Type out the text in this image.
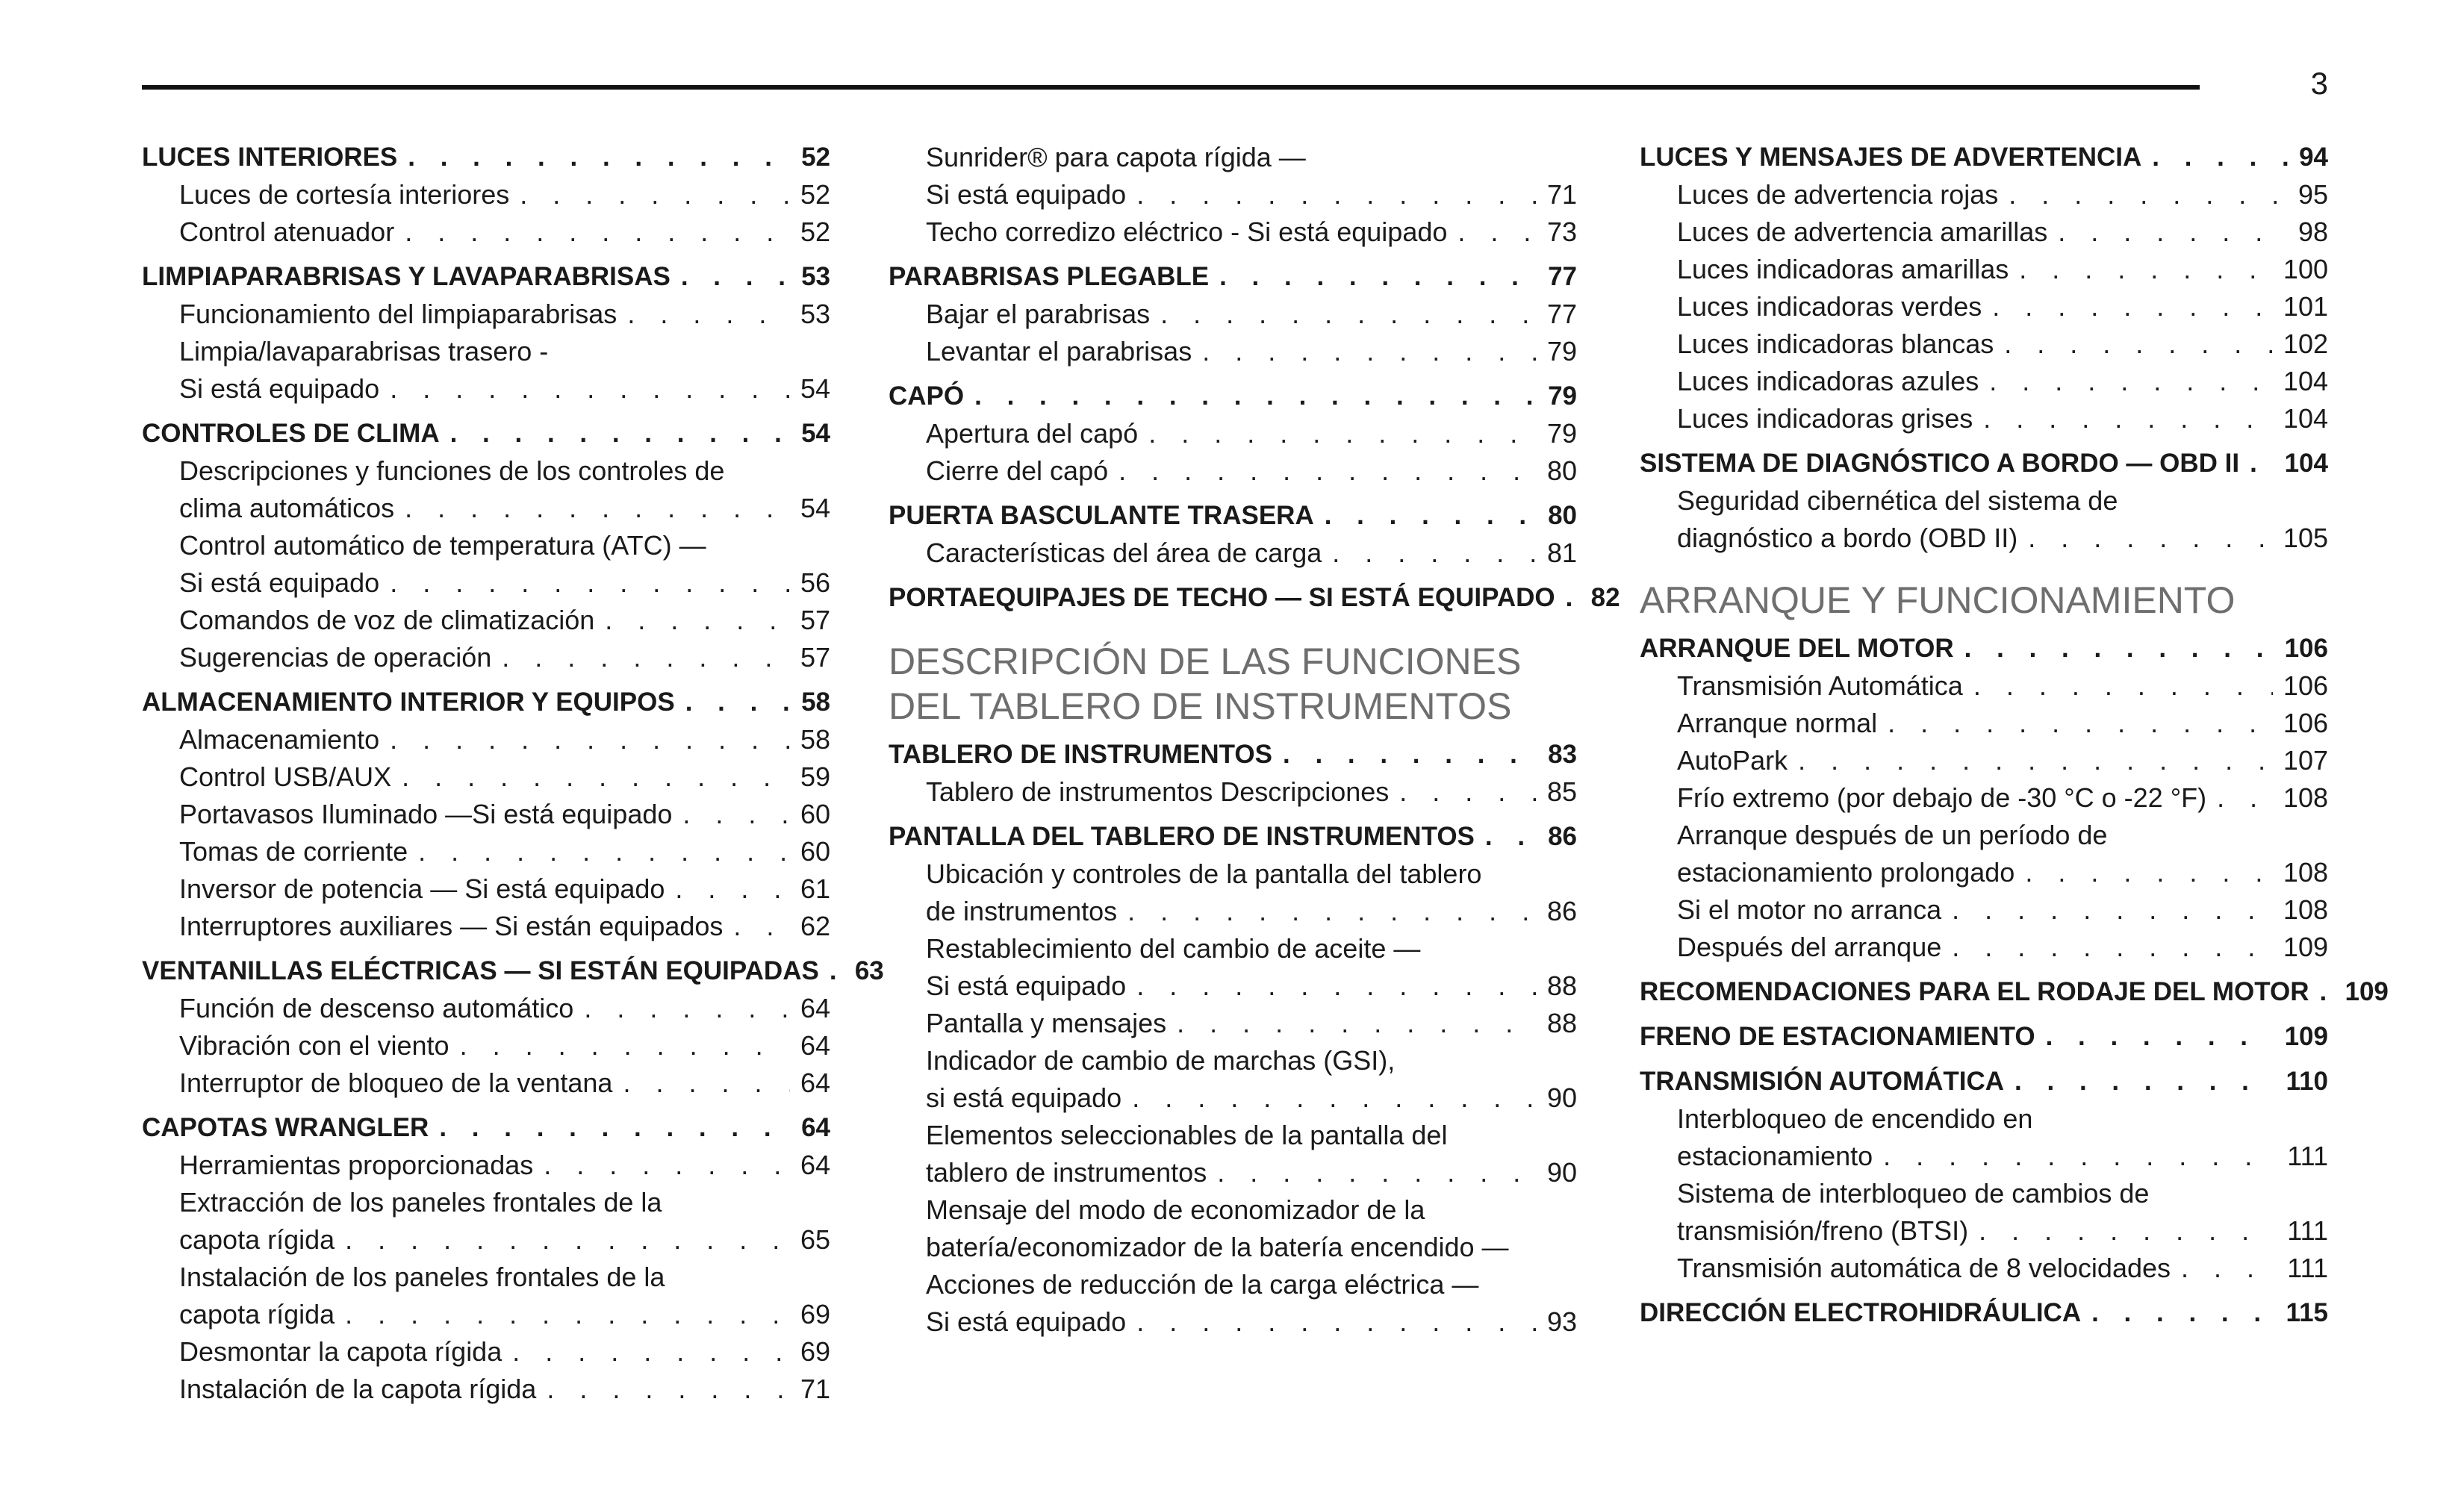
3
LUCES INTERIORES . . .	52
Luces de cortesía interiores . . .	52
Control atenuador . . .	52
LIMPIAPARABRISAS Y LAVAPARABRISAS . . .	53
Funcionamiento del limpiaparabrisas . . .	53
Limpia/lavaparabrisas trasero -
Si está equipado . . .	54
CONTROLES DE CLIMA . . .	54
Descripciones y funciones de los controles de
clima automáticos . . .	54
Control automático de temperatura (ATC) —
Si está equipado . . .	56
Comandos de voz de climatización . . .	57
Sugerencias de operación . . .	57
ALMACENAMIENTO INTERIOR Y EQUIPOS . . .	58
Almacenamiento . . .	58
Control USB/AUX . . .	59
Portavasos Iluminado —Si está equipado . . .	60
Tomas de corriente . . .	60
Inversor de potencia — Si está equipado . . .	61
Interruptores auxiliares — Si están equipados . . .	62
VENTANILLAS ELÉCTRICAS — SI ESTÁN EQUIPADAS . . . 63
Función de descenso automático . . .	64
Vibración con el viento . . .	64
Interruptor de bloqueo de la ventana . . .	64
CAPOTAS WRANGLER . . .	64
Herramientas proporcionadas . . .	64
Extracción de los paneles frontales de la
capota rígida . . .	65
Instalación de los paneles frontales de la
capota rígida . . .	69
Desmontar la capota rígida . . .	69
Instalación de la capota rígida . . .	71
Sunrider® para capota rígida —
Si está equipado . . .	71
Techo corredizo eléctrico - Si está equipado . . .	73
PARABRISAS PLEGABLE . . .	77
Bajar el parabrisas . . .	77
Levantar el parabrisas . . .	79
CAPÓ . . .	79
Apertura del capó . . .	79
Cierre del capó . . .	80
PUERTA BASCULANTE TRASERA . . .	80
Características del área de carga . . .	81
PORTAEQUIPAJES DE TECHO — SI ESTÁ EQUIPADO . . . 82
DESCRIPCIÓN DE LAS FUNCIONES
DEL TABLERO DE INSTRUMENTOS
TABLERO DE INSTRUMENTOS . . .	83
Tablero de instrumentos Descripciones . . .	85
PANTALLA DEL TABLERO DE INSTRUMENTOS . . .	86
Ubicación y controles de la pantalla del tablero
de instrumentos . . .	86
Restablecimiento del cambio de aceite —
Si está equipado . . .	88
Pantalla y mensajes . . .	88
Indicador de cambio de marchas (GSI),
si está equipado . . .	90
Elementos seleccionables de la pantalla del
tablero de instrumentos . . .	90
Mensaje del modo de economizador de la
batería/economizador de la batería encendido —
Acciones de reducción de la carga eléctrica —
Si está equipado . . .	93
LUCES Y MENSAJES DE ADVERTENCIA . . .	94
Luces de advertencia rojas . . .	95
Luces de advertencia amarillas . . .	98
Luces indicadoras amarillas . . .	100
Luces indicadoras verdes . . .	101
Luces indicadoras blancas . . .	102
Luces indicadoras azules . . .	104
Luces indicadoras grises . . .	104
SISTEMA DE DIAGNÓSTICO A BORDO — OBD II . . . 104
Seguridad cibernética del sistema de
diagnóstico a bordo (OBD II) . . .	105
ARRANQUE Y FUNCIONAMIENTO
ARRANQUE DEL MOTOR . . .	106
Transmisión Automática . . .	106
Arranque normal . . .	106
AutoPark . . .	107
Frío extremo (por debajo de -30 °C o -22 °F) . . .	108
Arranque después de un período de
estacionamiento prolongado . . .	108
Si el motor no arranca . . .	108
Después del arranque . . .	109
RECOMENDACIONES PARA EL RODAJE DEL MOTOR . . . 109
FRENO DE ESTACIONAMIENTO . . .	109
TRANSMISIÓN AUTOMÁTICA . . .	110
Interbloqueo de encendido en
estacionamiento . . .	111
Sistema de interbloqueo de cambios de
transmisión/freno (BTSI) . . .	111
Transmisión automática de 8 velocidades . . .	111
DIRECCIÓN ELECTROHIDRÁULICA . . .	115
